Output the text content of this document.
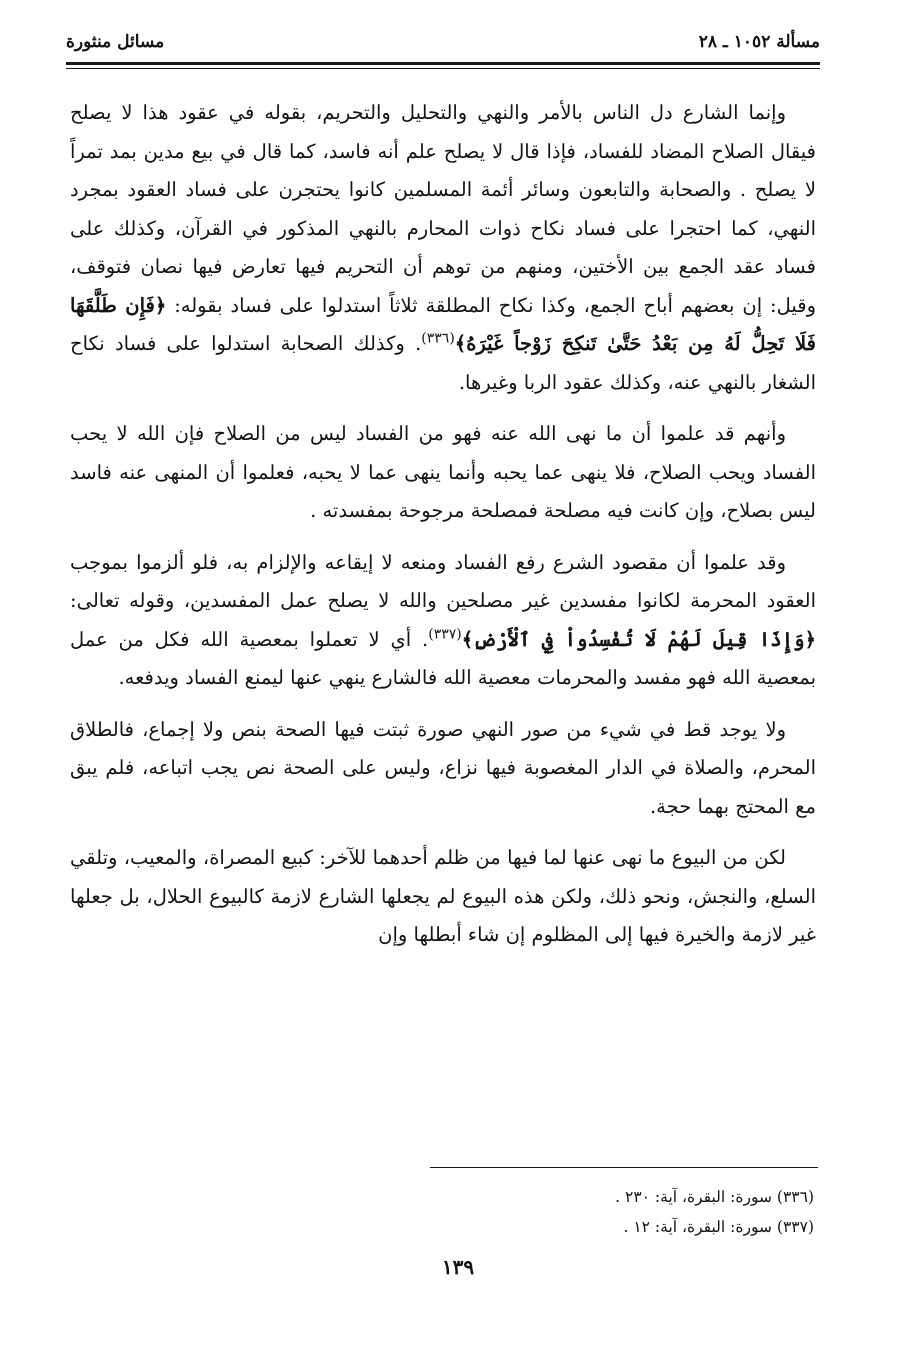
مسألة ١٠٥٢ ـ ٢٨
مسائل منثورة

وإنما الشارع دل الناس بالأمر والنهي والتحليل والتحريم، بقوله في عقود هذا لا يصلح فيقال الصلاح المضاد للفساد، فإذا قال لا يصلح علم أنه فاسد، كما قال في بيع مدين بمد تمراً لا يصلح . والصحابة والتابعون وسائر أئمة المسلمين كانوا يحتجرن على فساد العقود بمجرد النهي، كما احتجرا على فساد نكاح ذوات المحارم بالنهي المذكور في القرآن، وكذلك على فساد عقد الجمع بين الأختين، ومنهم من توهم أن التحريم فيها تعارض فيها نصان فتوقف، وقيل: إن بعضهم أباح الجمع، وكذا نكاح المطلقة ثلاثاً استدلوا على فساد بقوله: ﴿فَإِن طَلَّقَهَا فَلَا تَحِلُّ لَهُ مِن بَعْدُ حَتَّىٰ تَنكِحَ زَوْجاً غَيْرَهُ﴾$^{(٣٣٦)}$. وكذلك الصحابة استدلوا على فساد نكاح الشغار بالنهي عنه، وكذلك عقود الربا وغيرها.

وأنهم قد علموا أن ما نهى الله عنه فهو من الفساد ليس من الصلاح فإن الله لا يحب الفساد ويحب الصلاح، فلا ينهى عما يحبه وأنما ينهى عما لا يحبه، فعلموا أن المنهى عنه فاسد ليس بصلاح، وإن كانت فيه مصلحة فمصلحة مرجوحة بمفسدته .

وقد علموا أن مقصود الشرع رفع الفساد ومنعه لا إيقاعه والإلزام به، فلو ألزموا بموجب العقود المحرمة لكانوا مفسدين غير مصلحين والله لا يصلح عمل المفسدين، وقوله تعالى: ﴿وَإِذَا قِيلَ لَهُمْ لَا تُفْسِدُواْ فِي ٱلْأَرْضِ﴾$^{(٣٣٧)}$. أي لا تعملوا بمعصية الله فكل من عمل بمعصية الله فهو مفسد والمحرمات معصية الله فالشارع ينهي عنها ليمنع الفساد ويدفعه.

ولا يوجد قط في شيء من صور النهي صورة ثبتت فيها الصحة بنص ولا إجماع، فالطلاق المحرم، والصلاة في الدار المغصوبة فيها نزاع، وليس على الصحة نص يجب اتباعه، فلم يبق مع المحتج بهما حجة.

لكن من البيوع ما نهى عنها لما فيها من ظلم أحدهما للآخر: كبيع المصراة، والمعيب، وتلقي السلع، والنجش، ونحو ذلك، ولكن هذه البيوع لم يجعلها الشارع لازمة كالبيوع الحلال، بل جعلها غير لازمة والخيرة فيها إلى المظلوم إن شاء أبطلها وإن

(٣٣٦) سورة: البقرة، آية: ٢٣٠ .

(٣٣٧) سورة: البقرة، آية: ١٢ .

١٣٩
